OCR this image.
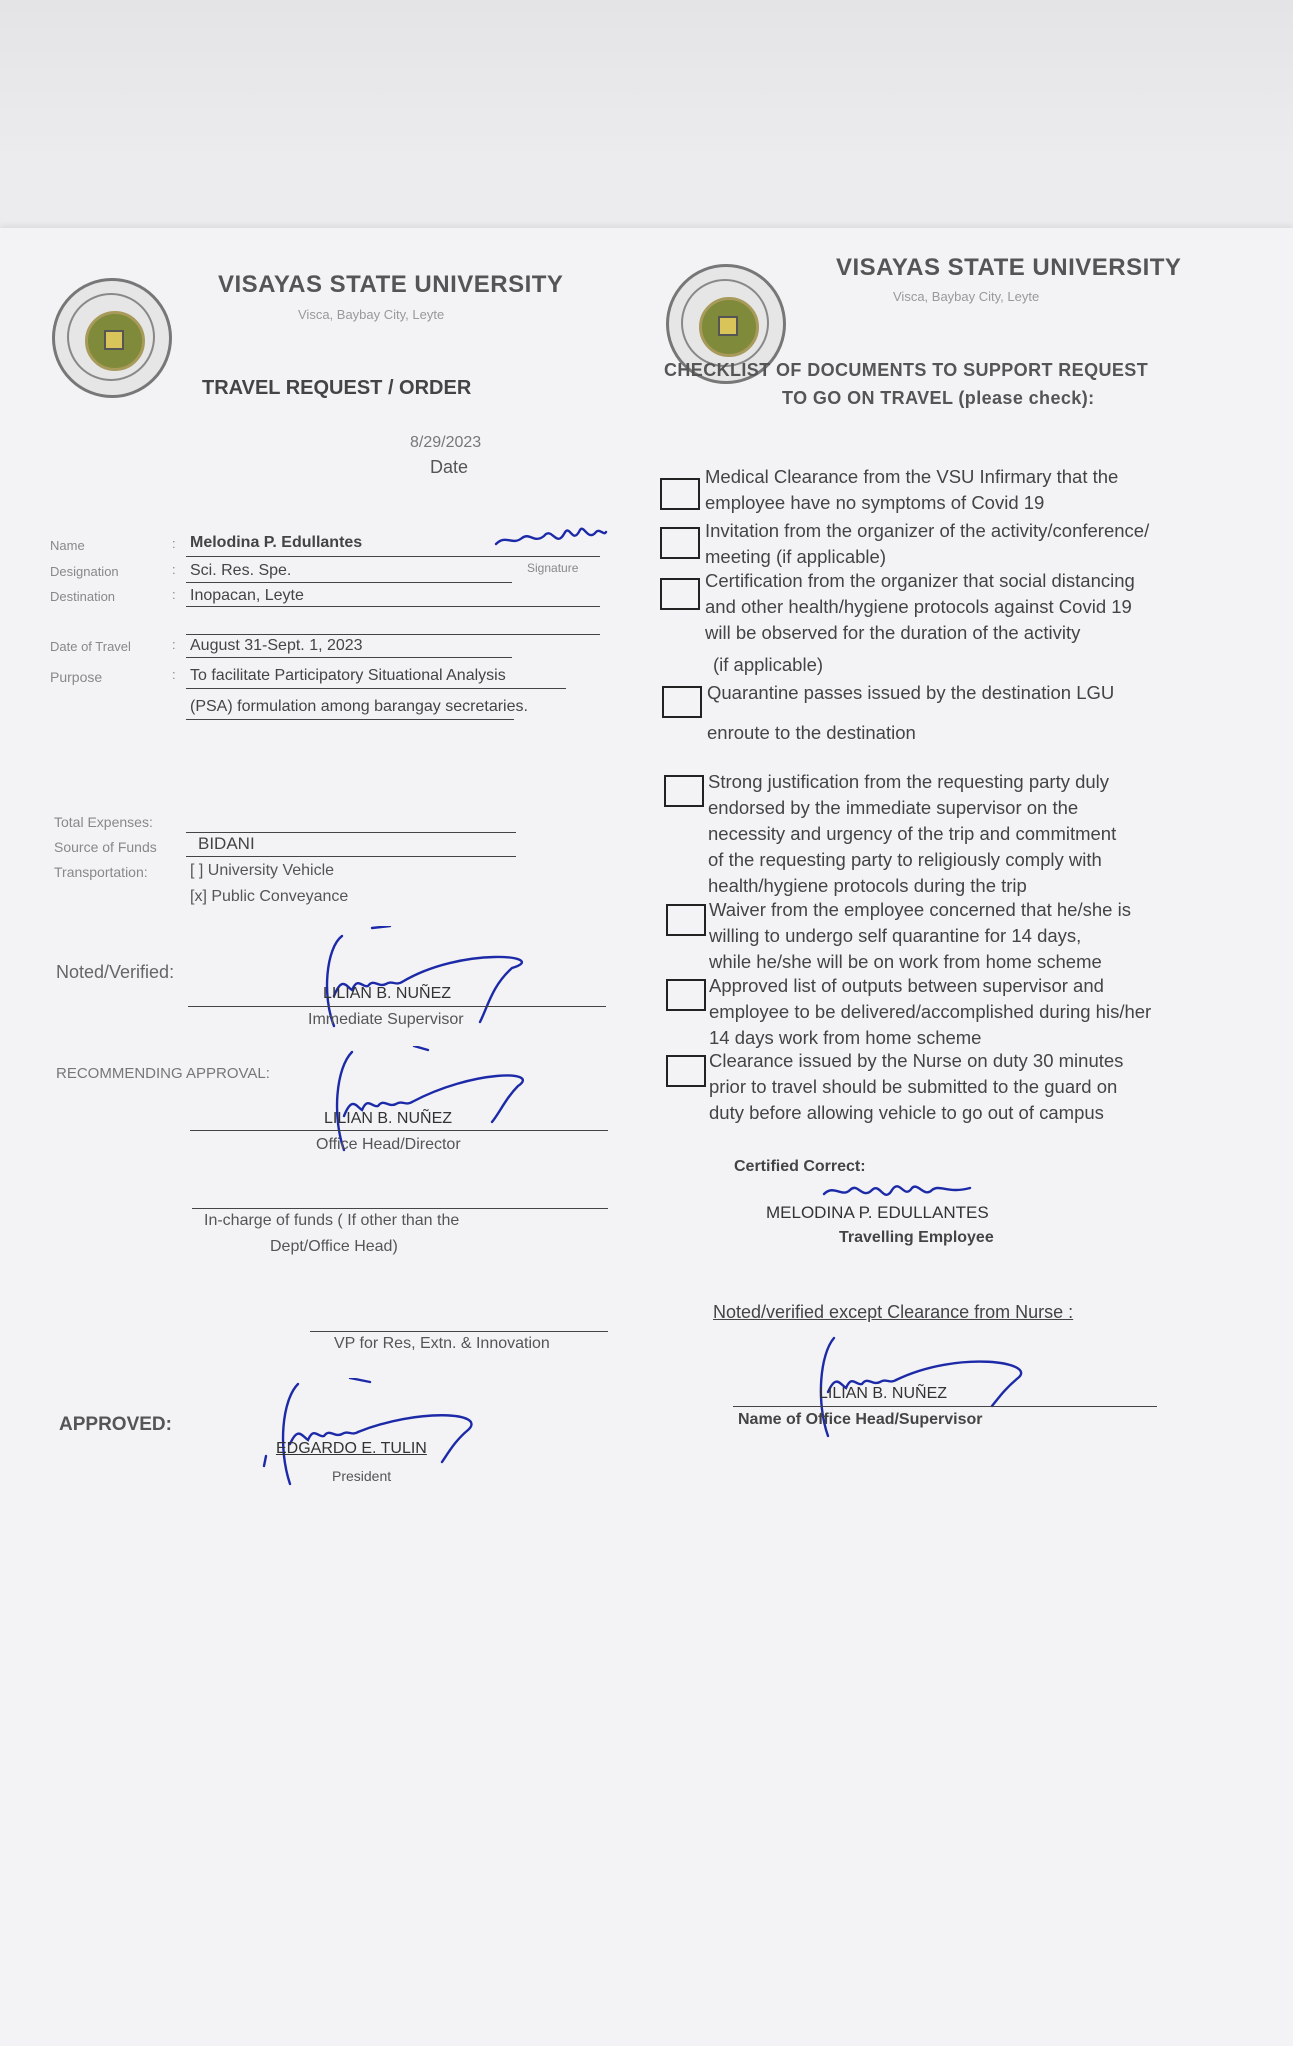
VISAYAS STATE UNIVERSITY
Visca, Baybay City, Leyte
TRAVEL REQUEST / ORDER
8/29/2023
Date
Name	: Melodina P. Edullantes
Signature
Designation	: Sci. Res. Spe.
Destination	: Inopacan, Leyte
Date of Travel	: August 31-Sept. 1, 2023
Purpose	: To facilitate Participatory Situational Analysis
(PSA) formulation among barangay secretaries.
Total Expenses:
Source of Funds BIDANI
Transportation:	[ ] University Vehicle
[x] Public Conveyance
Noted/Verified:
LILIAN B. NUÑEZ
Immediate Supervisor
RECOMMENDING APPROVAL:
LILIAN B. NUÑEZ
Office Head/Director
In-charge of funds ( If other than the
Dept/Office Head)
VP for Res, Extn. & Innovation
APPROVED:
EDGARDO E. TULIN
President
VISAYAS STATE UNIVERSITY
Visca, Baybay City, Leyte
CHECKLIST OF DOCUMENTS TO SUPPORT REQUEST
TO GO ON TRAVEL (please check):
Medical Clearance from the VSU Infirmary that the
employee have no symptoms of Covid 19
Invitation from the organizer of the activity/conference/
meeting (if applicable)
Certification from the organizer that social distancing
and other health/hygiene protocols against Covid 19
will be observed for the duration of the activity
(if applicable)
Quarantine passes issued by the destination LGU
enroute to the destination
Strong justification from the requesting party duly
endorsed by the immediate supervisor on the
necessity and urgency of the trip and commitment
of the requesting party to religiously comply with
health/hygiene protocols during the trip
Waiver from the employee concerned that he/she is
willing to undergo self quarantine for 14 days,
while he/she will be on work from home scheme
Approved list of outputs between supervisor and
employee to be delivered/accomplished during his/her
14 days work from home scheme
Clearance issued by the Nurse on duty 30 minutes
prior to travel should be submitted to the guard on
duty before allowing vehicle to go out of campus
Certified Correct:
MELODINA P. EDULLANTES
Travelling Employee
Noted/verified except Clearance from Nurse :
LILIAN B. NUÑEZ
Name of Office Head/Supervisor
